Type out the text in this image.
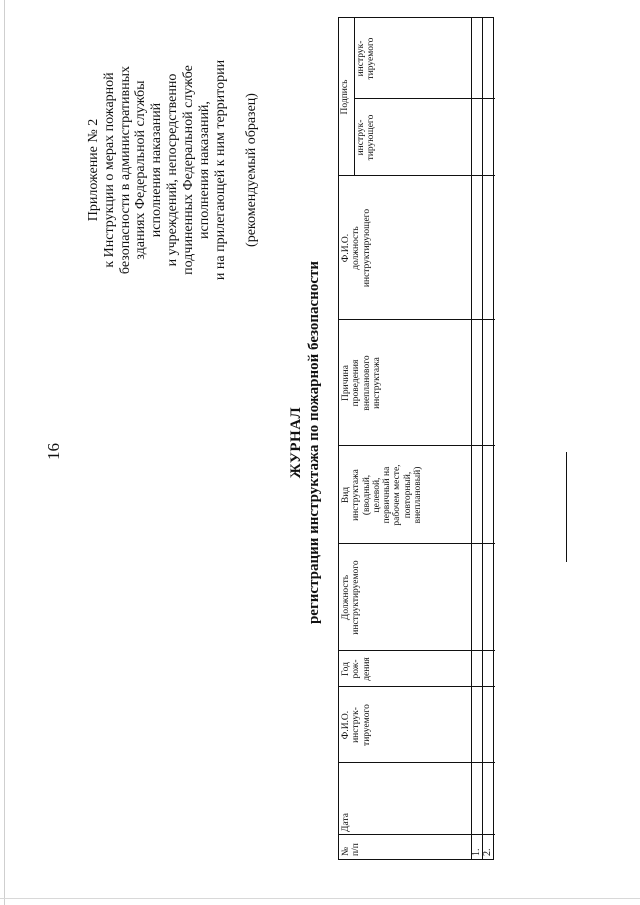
16
Приложение № 2 к Инструкции о мерах пожарной безопасности в административных зданиях Федеральной службы исполнения наказаний и учреждений, непосредственно подчиненных Федеральной службе исполнения наказаний, и на прилегающей к ним территории (рекомендуемый образец)
ЖУРНАЛ регистрации инструктажа по пожарной безопасности
№ п/п
Дата
Ф.И.О. инструк- тируемого
Год рож- дения
Должность инструктируемого
Вид инструктажа (вводный, целевой, первичный на рабочем месте, повторный, внеплановый)
Причина проведения внепланового инструктажа
Ф.И.О. должность инструктирующего
Подпись
инструк- тирующего
инструк- тируемого
1. 2.
